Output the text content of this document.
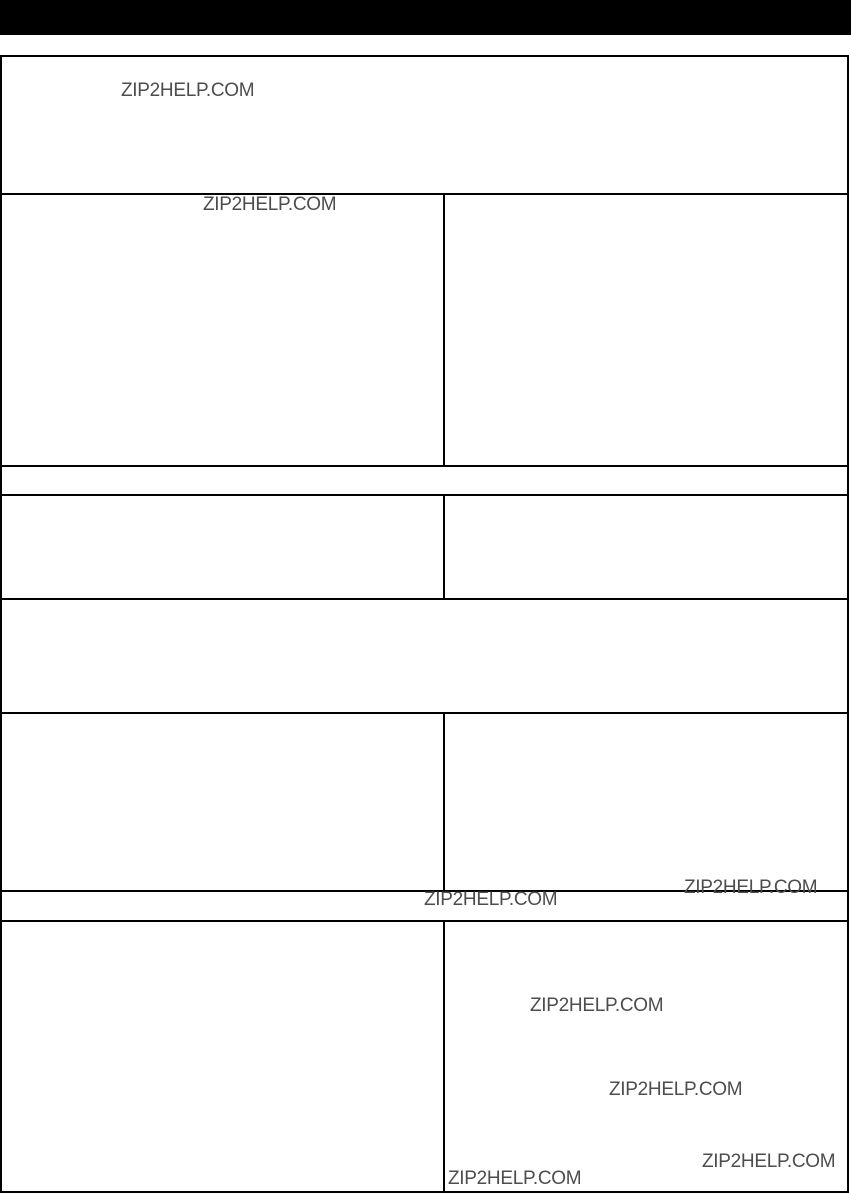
ZIP2HELP.COM
ZIP2HELP.COM
ZIP2HELP.COM
ZIP2HELP.COM
ZIP2HELP.COM
ZIP2HELP.COM
ZIP2HELP.COM
ZIP2HELP.COM
